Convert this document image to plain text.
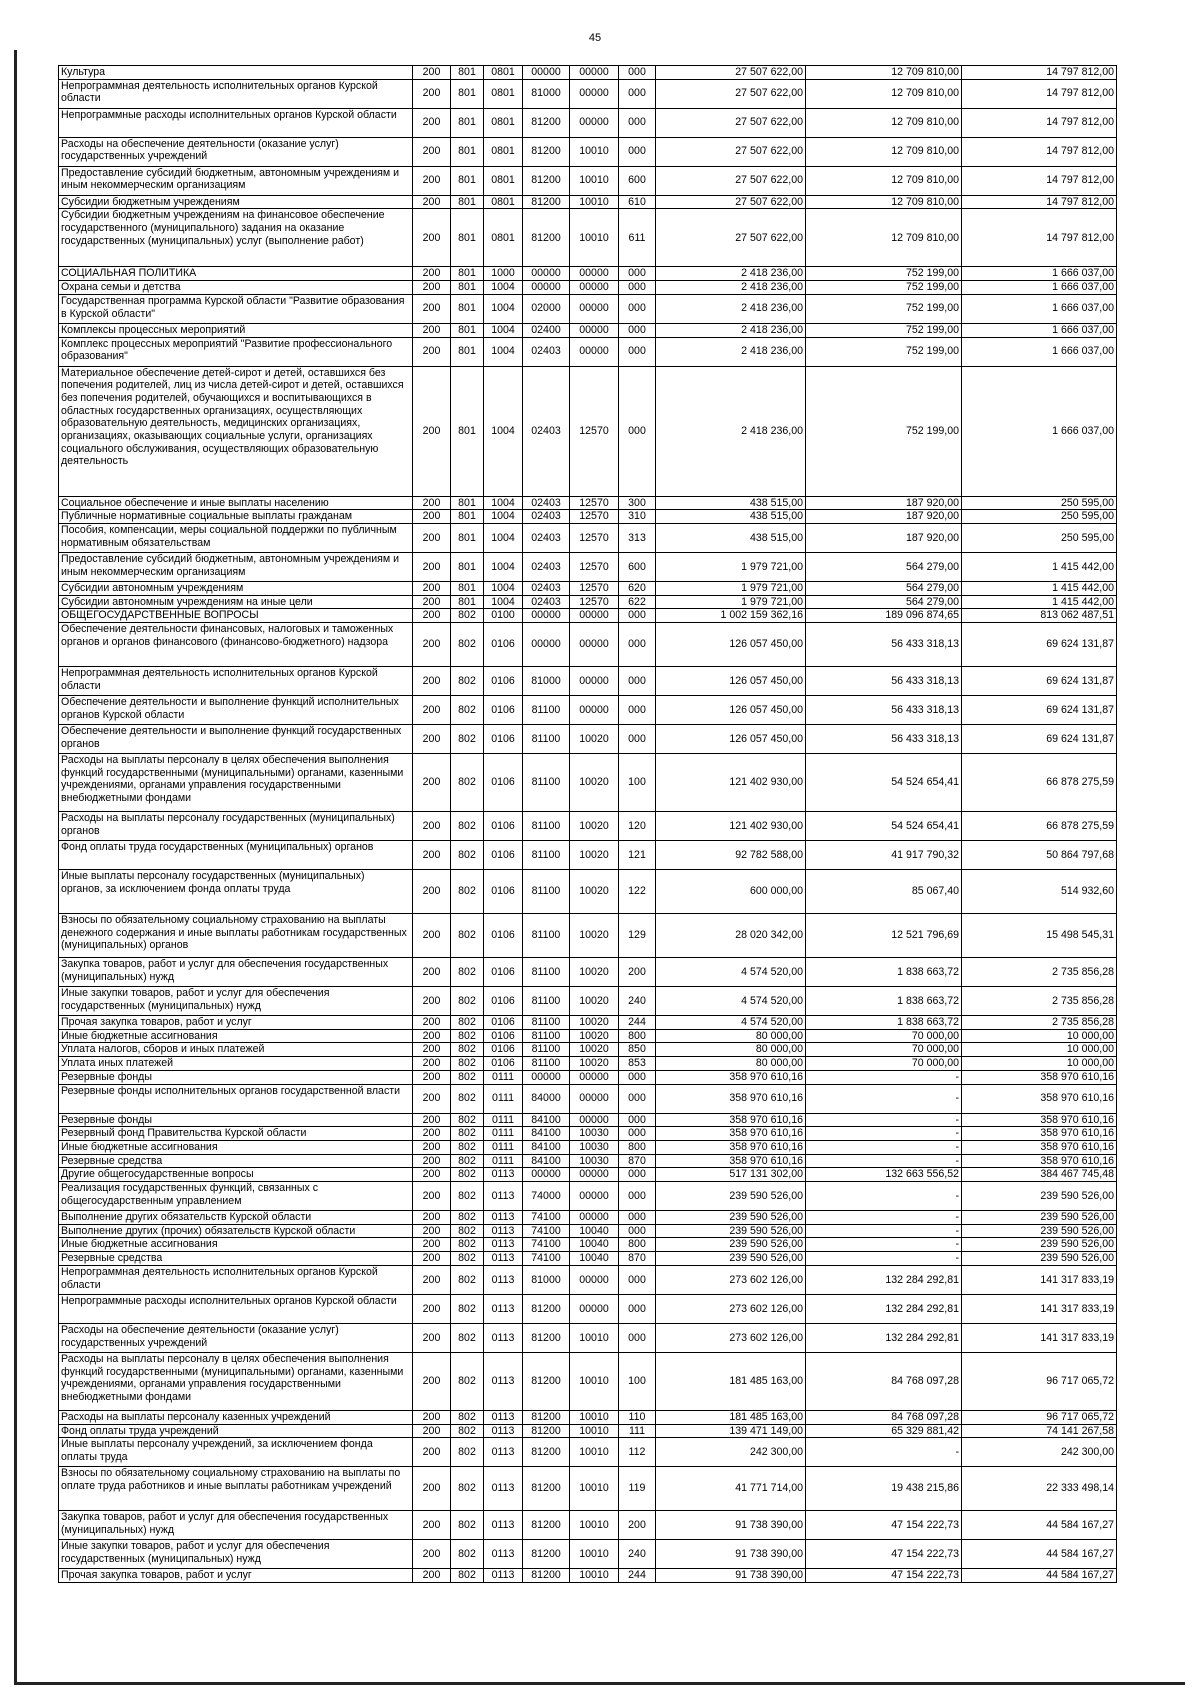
45
Культура	200	801	0801	00000	00000	000	27 507 622,00	12 709 810,00	14 797 812,00
Непрограммная деятельность исполнительных органов Курской области	200	801	0801	81000	00000	000	27 507 622,00	12 709 810,00	14 797 812,00
Непрограммные расходы исполнительных органов Курской области	200	801	0801	81200	00000	000	27 507 622,00	12 709 810,00	14 797 812,00
Расходы на обеспечение деятельности (оказание услуг) государственных учреждений	200	801	0801	81200	10010	000	27 507 622,00	12 709 810,00	14 797 812,00
Предоставление субсидий бюджетным, автономным учреждениям и иным некоммерческим организациям	200	801	0801	81200	10010	600	27 507 622,00	12 709 810,00	14 797 812,00
Субсидии бюджетным учреждениям	200	801	0801	81200	10010	610	27 507 622,00	12 709 810,00	14 797 812,00
Субсидии бюджетным учреждениям на финансовое обеспечение государственного (муниципального) задания на оказание государственных (муниципальных) услуг (выполнение работ)	200	801	0801	81200	10010	611	27 507 622,00	12 709 810,00	14 797 812,00
СОЦИАЛЬНАЯ ПОЛИТИКА	200	801	1000	00000	00000	000	2 418 236,00	752 199,00	1 666 037,00
Охрана семьи и детства	200	801	1004	00000	00000	000	2 418 236,00	752 199,00	1 666 037,00
Государственная программа Курской области "Развитие образования в Курской области"	200	801	1004	02000	00000	000	2 418 236,00	752 199,00	1 666 037,00
Комплексы процессных мероприятий	200	801	1004	02400	00000	000	2 418 236,00	752 199,00	1 666 037,00
Комплекс процессных мероприятий "Развитие профессионального образования"	200	801	1004	02403	00000	000	2 418 236,00	752 199,00	1 666 037,00
Материальное обеспечение детей-сирот и детей, оставшихся без попечения родителей, лиц из числа детей-сирот и детей, оставшихся без попечения родителей, обучающихся и воспитывающихся в областных государственных организациях, осуществляющих образовательную деятельность, медицинских организациях, организациях, оказывающих социальные услуги, организациях социального обслуживания, осуществляющих образовательную деятельность	200	801	1004	02403	12570	000	2 418 236,00	752 199,00	1 666 037,00
Социальное обеспечение и иные выплаты населению	200	801	1004	02403	12570	300	438 515,00	187 920,00	250 595,00
Публичные нормативные социальные выплаты гражданам	200	801	1004	02403	12570	310	438 515,00	187 920,00	250 595,00
Пособия, компенсации, меры социальной поддержки по публичным нормативным обязательствам	200	801	1004	02403	12570	313	438 515,00	187 920,00	250 595,00
Предоставление субсидий бюджетным, автономным учреждениям и иным некоммерческим организациям	200	801	1004	02403	12570	600	1 979 721,00	564 279,00	1 415 442,00
Субсидии автономным учреждениям	200	801	1004	02403	12570	620	1 979 721,00	564 279,00	1 415 442,00
Субсидии автономным учреждениям на иные цели	200	801	1004	02403	12570	622	1 979 721,00	564 279,00	1 415 442,00
ОБЩЕГОСУДАРСТВЕННЫЕ ВОПРОСЫ	200	802	0100	00000	00000	000	1 002 159 362,16	189 096 874,65	813 062 487,51
Обеспечение деятельности финансовых, налоговых и таможенных органов и органов финансового (финансово-бюджетного) надзора	200	802	0106	00000	00000	000	126 057 450,00	56 433 318,13	69 624 131,87
Непрограммная деятельность исполнительных органов Курской области	200	802	0106	81000	00000	000	126 057 450,00	56 433 318,13	69 624 131,87
Обеспечение деятельности и выполнение функций исполнительных органов Курской области	200	802	0106	81100	00000	000	126 057 450,00	56 433 318,13	69 624 131,87
Обеспечение деятельности и выполнение функций государственных органов	200	802	0106	81100	10020	000	126 057 450,00	56 433 318,13	69 624 131,87
Расходы на выплаты персоналу в целях обеспечения выполнения функций государственными (муниципальными) органами, казенными учреждениями, органами управления государственными внебюджетными фондами	200	802	0106	81100	10020	100	121 402 930,00	54 524 654,41	66 878 275,59
Расходы на выплаты персоналу государственных (муниципальных) органов	200	802	0106	81100	10020	120	121 402 930,00	54 524 654,41	66 878 275,59
Фонд оплаты труда государственных (муниципальных) органов	200	802	0106	81100	10020	121	92 782 588,00	41 917 790,32	50 864 797,68
Иные выплаты персоналу государственных (муниципальных) органов, за исключением фонда оплаты труда	200	802	0106	81100	10020	122	600 000,00	85 067,40	514 932,60
Взносы по обязательному социальному страхованию на выплаты денежного содержания и иные выплаты работникам государственных (муниципальных) органов	200	802	0106	81100	10020	129	28 020 342,00	12 521 796,69	15 498 545,31
Закупка товаров, работ и услуг для обеспечения государственных (муниципальных) нужд	200	802	0106	81100	10020	200	4 574 520,00	1 838 663,72	2 735 856,28
Иные закупки товаров, работ и услуг для обеспечения государственных (муниципальных) нужд	200	802	0106	81100	10020	240	4 574 520,00	1 838 663,72	2 735 856,28
Прочая закупка товаров, работ и услуг	200	802	0106	81100	10020	244	4 574 520,00	1 838 663,72	2 735 856,28
Иные бюджетные ассигнования	200	802	0106	81100	10020	800	80 000,00	70 000,00	10 000,00
Уплата налогов, сборов и иных платежей	200	802	0106	81100	10020	850	80 000,00	70 000,00	10 000,00
Уплата иных платежей	200	802	0106	81100	10020	853	80 000,00	70 000,00	10 000,00
Резервные фонды	200	802	0111	00000	00000	000	358 970 610,16	-	358 970 610,16
Резервные фонды исполнительных органов государственной власти	200	802	0111	84000	00000	000	358 970 610,16	-	358 970 610,16
Резервные фонды	200	802	0111	84100	00000	000	358 970 610,16	-	358 970 610,16
Резервный фонд Правительства Курской области	200	802	0111	84100	10030	000	358 970 610,16	-	358 970 610,16
Иные бюджетные ассигнования	200	802	0111	84100	10030	800	358 970 610,16	-	358 970 610,16
Резервные средства	200	802	0111	84100	10030	870	358 970 610,16	-	358 970 610,16
Другие общегосударственные вопросы	200	802	0113	00000	00000	000	517 131 302,00	132 663 556,52	384 467 745,48
Реализация государственных функций, связанных с общегосударственным управлением	200	802	0113	74000	00000	000	239 590 526,00	-	239 590 526,00
Выполнение других обязательств Курской области	200	802	0113	74100	00000	000	239 590 526,00	-	239 590 526,00
Выполнение других (прочих) обязательств Курской области	200	802	0113	74100	10040	000	239 590 526,00	-	239 590 526,00
Иные бюджетные ассигнования	200	802	0113	74100	10040	800	239 590 526,00	-	239 590 526,00
Резервные средства	200	802	0113	74100	10040	870	239 590 526,00	-	239 590 526,00
Непрограммная деятельность исполнительных органов Курской области	200	802	0113	81000	00000	000	273 602 126,00	132 284 292,81	141 317 833,19
Непрограммные расходы исполнительных органов Курской области	200	802	0113	81200	00000	000	273 602 126,00	132 284 292,81	141 317 833,19
Расходы на обеспечение деятельности (оказание услуг) государственных учреждений	200	802	0113	81200	10010	000	273 602 126,00	132 284 292,81	141 317 833,19
Расходы на выплаты персоналу в целях обеспечения выполнения функций государственными (муниципальными) органами, казенными учреждениями, органами управления государственными внебюджетными фондами	200	802	0113	81200	10010	100	181 485 163,00	84 768 097,28	96 717 065,72
Расходы на выплаты персоналу казенных учреждений	200	802	0113	81200	10010	110	181 485 163,00	84 768 097,28	96 717 065,72
Фонд оплаты труда учреждений	200	802	0113	81200	10010	111	139 471 149,00	65 329 881,42	74 141 267,58
Иные выплаты персоналу учреждений, за исключением фонда оплаты труда	200	802	0113	81200	10010	112	242 300,00	-	242 300,00
Взносы по обязательному социальному страхованию на выплаты по оплате труда работников и иные выплаты работникам учреждений	200	802	0113	81200	10010	119	41 771 714,00	19 438 215,86	22 333 498,14
Закупка товаров, работ и услуг для обеспечения государственных (муниципальных) нужд	200	802	0113	81200	10010	200	91 738 390,00	47 154 222,73	44 584 167,27
Иные закупки товаров, работ и услуг для обеспечения государственных (муниципальных) нужд	200	802	0113	81200	10010	240	91 738 390,00	47 154 222,73	44 584 167,27
Прочая закупка товаров, работ и услуг	200	802	0113	81200	10010	244	91 738 390,00	47 154 222,73	44 584 167,27
